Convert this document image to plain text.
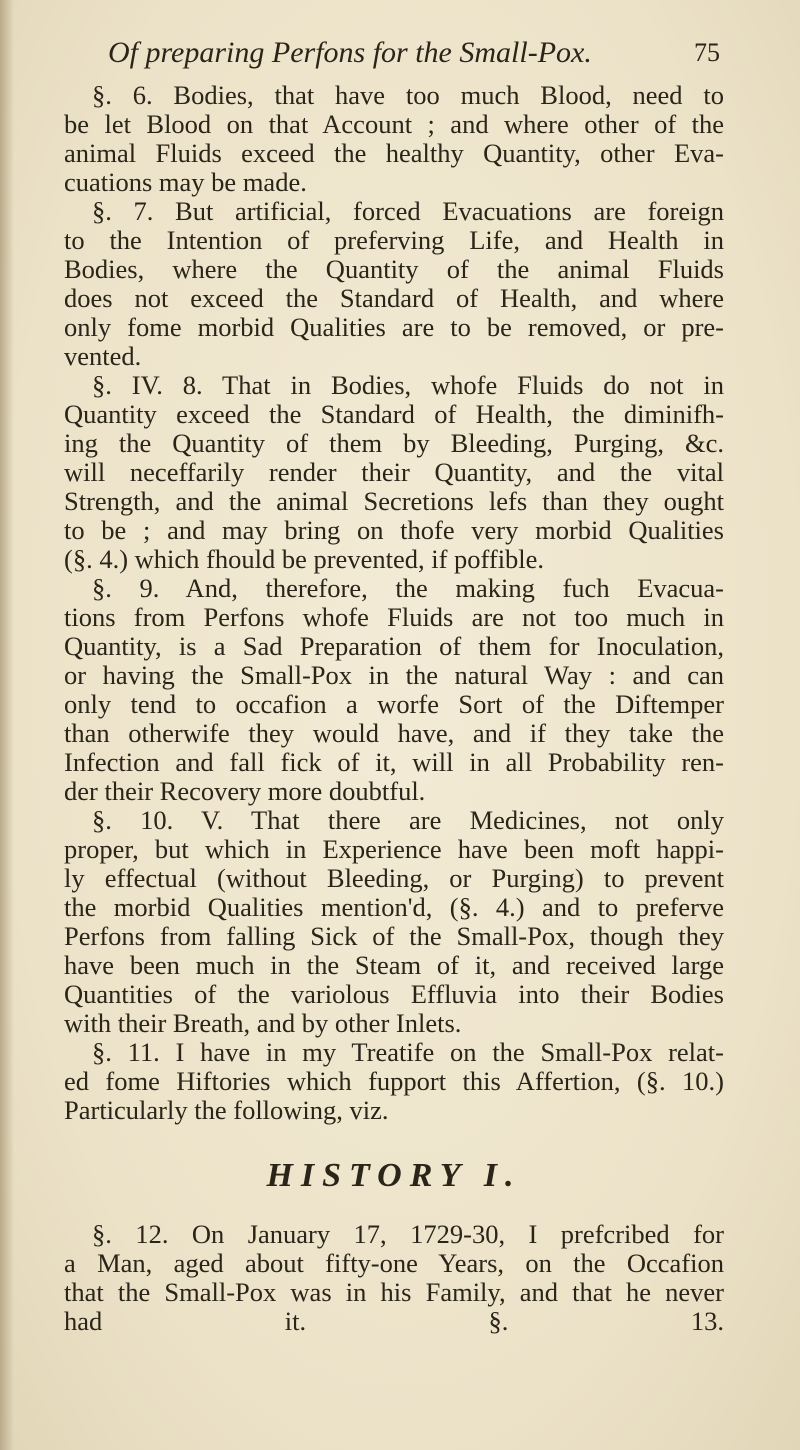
Of preparing Perfons for the Small-Pox.	75
§. 6. Bodies, that have too much Blood, need to
be let Blood on that Account ; and where other of the
animal Fluids exceed the healthy Quantity, other Eva-
cuations may be made.
§. 7. But artificial, forced Evacuations are foreign
to the Intention of preferving Life, and Health in
Bodies, where the Quantity of the animal Fluids
does not exceed the Standard of Health, and where
only fome morbid Qualities are to be removed, or pre-
vented.
§. IV. 8. That in Bodies, whofe Fluids do not in
Quantity exceed the Standard of Health, the diminifh-
ing the Quantity of them by Bleeding, Purging, &c.
will neceffarily render their Quantity, and the vital
Strength, and the animal Secretions lefs than they ought
to be ; and may bring on thofe very morbid Qualities
(§. 4.) which fhould be prevented, if poffible.
§. 9. And, therefore, the making fuch Evacua-
tions from Perfons whofe Fluids are not too much in
Quantity, is a Sad Preparation of them for Inoculation,
or having the Small-Pox in the natural Way : and can
only tend to occafion a worfe Sort of the Diftemper
than otherwife they would have, and if they take the
Infection and fall fick of it, will in all Probability ren-
der their Recovery more doubtful.
§. 10. V. That there are Medicines, not only
proper, but which in Experience have been moft happi-
ly effectual (without Bleeding, or Purging) to prevent
the morbid Qualities mention'd, (§. 4.) and to preferve
Perfons from falling Sick of the Small-Pox, though they
have been much in the Steam of it, and received large
Quantities of the variolous Effluvia into their Bodies
with their Breath, and by other Inlets.
§. 11. I have in my Treatife on the Small-Pox relat-
ed fome Hiftories which fupport this Affertion, (§. 10.)
Particularly the following, viz.
HISTORY I.
§. 12. On January 17, 1729-30, I prefcribed for
a Man, aged about fifty-one Years, on the Occafion
that the Small-Pox was in his Family, and that he never
had it.	§. 13.
